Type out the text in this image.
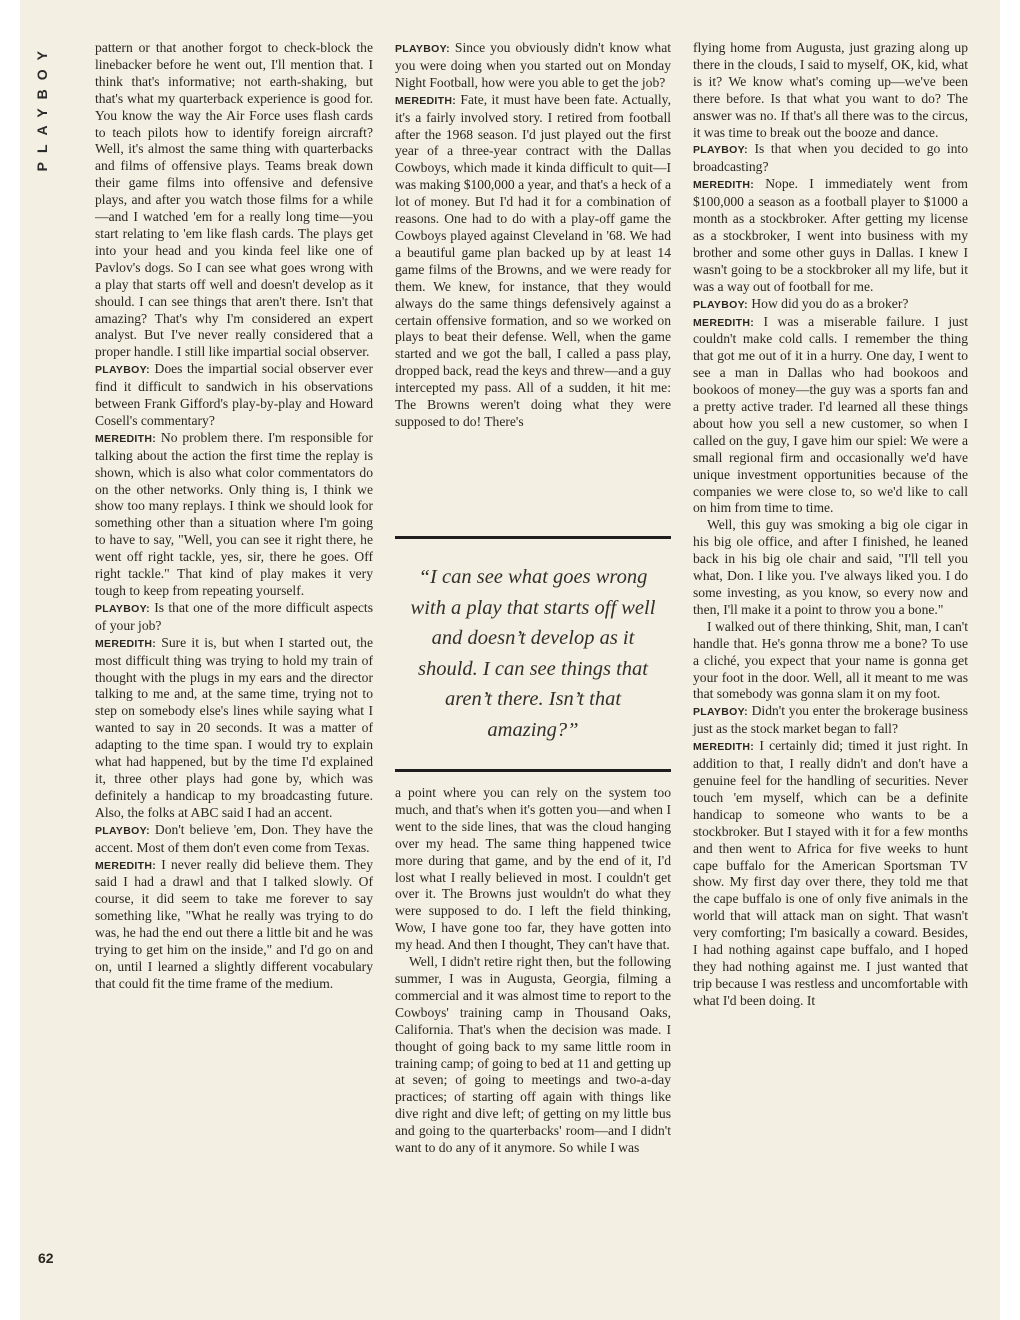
PLAYBOY
62

pattern or that another forgot to check-block the linebacker before he went out, I'll mention that. I think that's informative; not earth-shaking, but that's what my quarterback experience is good for. You know the way the Air Force uses flash cards to teach pilots how to identify foreign aircraft? Well, it's almost the same thing with quarterbacks and films of offensive plays. Teams break down their game films into offensive and defensive plays, and after you watch those films for a while—and I watched 'em for a really long time—you start relating to 'em like flash cards. The plays get into your head and you kinda feel like one of Pavlov's dogs. So I can see what goes wrong with a play that starts off well and doesn't develop as it should. I can see things that aren't there. Isn't that amazing? That's why I'm considered an expert analyst. But I've never really considered that a proper handle. I still like impartial social observer.

PLAYBOY: Does the impartial social observer ever find it difficult to sandwich in his observations between Frank Gifford's play-by-play and Howard Cosell's commentary?

MEREDITH: No problem there. I'm responsible for talking about the action the first time the replay is shown, which is also what color commentators do on the other networks. Only thing is, I think we show too many replays. I think we should look for something other than a situation where I'm going to have to say, "Well, you can see it right there, he went off right tackle, yes, sir, there he goes. Off right tackle." That kind of play makes it very tough to keep from repeating yourself.

PLAYBOY: Is that one of the more difficult aspects of your job?

MEREDITH: Sure it is, but when I started out, the most difficult thing was trying to hold my train of thought with the plugs in my ears and the director talking to me and, at the same time, trying not to step on somebody else's lines while saying what I wanted to say in 20 seconds. It was a matter of adapting to the time span. I would try to explain what had happened, but by the time I'd explained it, three other plays had gone by, which was definitely a handicap to my broadcasting future. Also, the folks at ABC said I had an accent.

PLAYBOY: Don't believe 'em, Don. They have the accent. Most of them don't even come from Texas.

MEREDITH: I never really did believe them. They said I had a drawl and that I talked slowly. Of course, it did seem to take me forever to say something like, "What he really was trying to do was, he had the end out there a little bit and he was trying to get him on the inside," and I'd go on and on, until I learned a slightly different vocabulary that could fit the time frame of the medium.

PLAYBOY: Since you obviously didn't know what you were doing when you started out on Monday Night Football, how were you able to get the job?

MEREDITH: Fate, it must have been fate. Actually, it's a fairly involved story. I retired from football after the 1968 season. I'd just played out the first year of a three-year contract with the Dallas Cowboys, which made it kinda difficult to quit—I was making $100,000 a year, and that's a heck of a lot of money. But I'd had it for a combination of reasons. One had to do with a play-off game the Cowboys played against Cleveland in '68. We had a beautiful game plan backed up by at least 14 game films of the Browns, and we were ready for them. We knew, for instance, that they would always do the same things defensively against a certain offensive formation, and so we worked on plays to beat their defense. Well, when the game started and we got the ball, I called a pass play, dropped back, read the keys and threw—and a guy intercepted my pass. All of a sudden, it hit me: The Browns weren't doing what they were supposed to do! There's

“I can see what goes wrong with a play that starts off well and doesn’t develop as it should. I can see things that aren’t there. Isn’t that amazing?”

a point where you can rely on the system too much, and that's when it's gotten you—and when I went to the side lines, that was the cloud hanging over my head. The same thing happened twice more during that game, and by the end of it, I'd lost what I really believed in most. I couldn't get over it. The Browns just wouldn't do what they were supposed to do. I left the field thinking, Wow, I have gone too far, they have gotten into my head. And then I thought, They can't have that.

Well, I didn't retire right then, but the following summer, I was in Augusta, Georgia, filming a commercial and it was almost time to report to the Cowboys' training camp in Thousand Oaks, California. That's when the decision was made. I thought of going back to my same little room in training camp; of going to bed at 11 and getting up at seven; of going to meetings and two-a-day practices; of starting off again with things like dive right and dive left; of getting on my little bus and going to the quarterbacks' room—and I didn't want to do any of it anymore. So while I was

flying home from Augusta, just grazing along up there in the clouds, I said to myself, OK, kid, what is it? We know what's coming up—we've been there before. Is that what you want to do? The answer was no. If that's all there was to the circus, it was time to break out the booze and dance.

PLAYBOY: Is that when you decided to go into broadcasting?

MEREDITH: Nope. I immediately went from $100,000 a season as a football player to $1000 a month as a stockbroker. After getting my license as a stockbroker, I went into business with my brother and some other guys in Dallas. I knew I wasn't going to be a stockbroker all my life, but it was a way out of football for me.

PLAYBOY: How did you do as a broker?

MEREDITH: I was a miserable failure. I just couldn't make cold calls. I remember the thing that got me out of it in a hurry. One day, I went to see a man in Dallas who had bookoos and bookoos of money—the guy was a sports fan and a pretty active trader. I'd learned all these things about how you sell a new customer, so when I called on the guy, I gave him our spiel: We were a small regional firm and occasionally we'd have unique investment opportunities because of the companies we were close to, so we'd like to call on him from time to time.

Well, this guy was smoking a big ole cigar in his big ole office, and after I finished, he leaned back in his big ole chair and said, "I'll tell you what, Don. I like you. I've always liked you. I do some investing, as you know, so every now and then, I'll make it a point to throw you a bone."

I walked out of there thinking, Shit, man, I can't handle that. He's gonna throw me a bone? To use a cliché, you expect that your name is gonna get your foot in the door. Well, all it meant to me was that somebody was gonna slam it on my foot.

PLAYBOY: Didn't you enter the brokerage business just as the stock market began to fall?

MEREDITH: I certainly did; timed it just right. In addition to that, I really didn't and don't have a genuine feel for the handling of securities. Never touch 'em myself, which can be a definite handicap to someone who wants to be a stockbroker. But I stayed with it for a few months and then went to Africa for five weeks to hunt cape buffalo for the American Sportsman TV show. My first day over there, they told me that the cape buffalo is one of only five animals in the world that will attack man on sight. That wasn't very comforting; I'm basically a coward. Besides, I had nothing against cape buffalo, and I hoped they had nothing against me. I just wanted that trip because I was restless and uncomfortable with what I'd been doing. It
